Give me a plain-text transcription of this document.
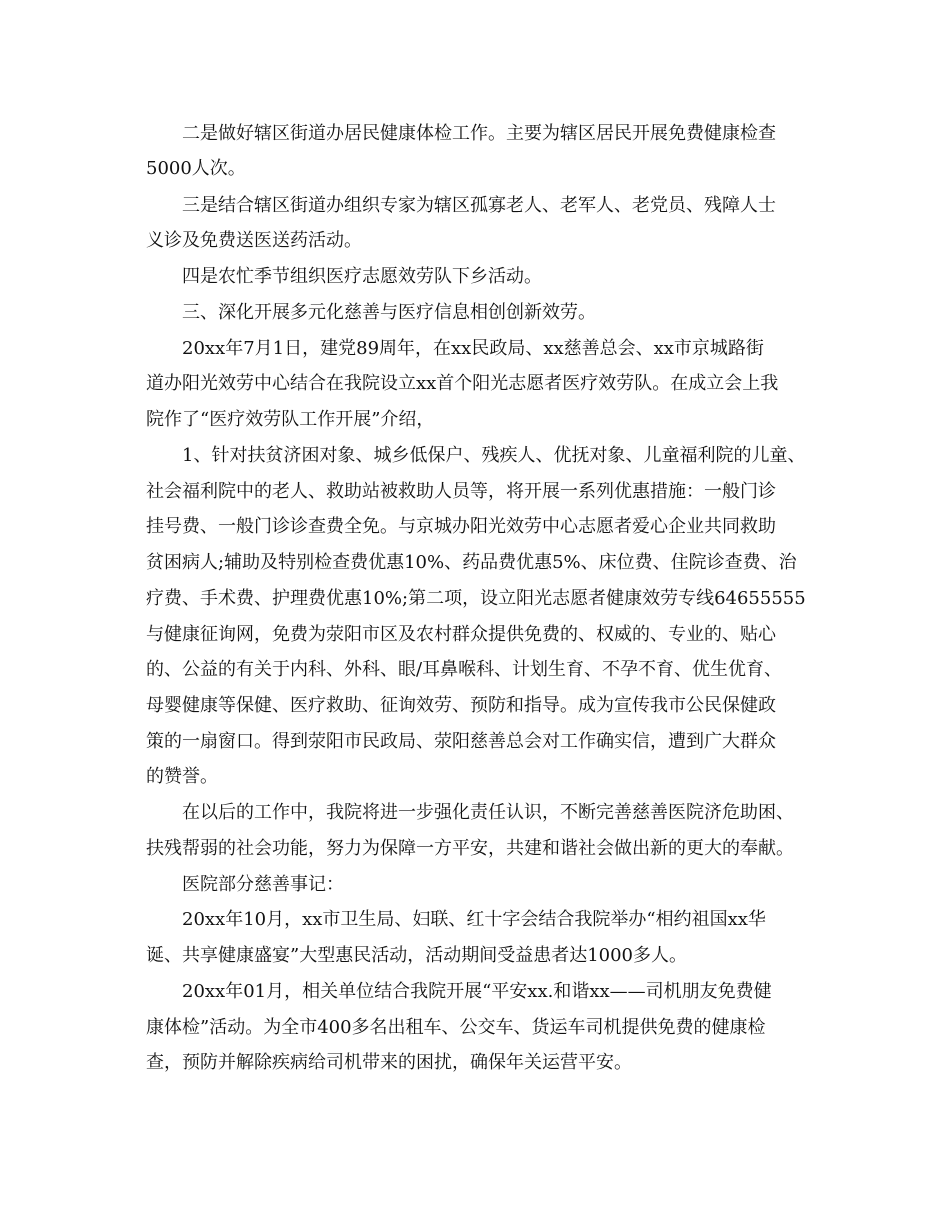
二是做好辖区街道办居民健康体检工作。主要为辖区居民开展免费健康检查
5000人次。
三是结合辖区街道办组织专家为辖区孤寡老人、老军人、老党员、残障人士
义诊及免费送医送药活动。
四是农忙季节组织医疗志愿效劳队下乡活动。
三、深化开展多元化慈善与医疗信息相创创新效劳。
20xx年7月1日，建党89周年，在xx民政局、xx慈善总会、xx市京城路街
道办阳光效劳中心结合在我院设立xx首个阳光志愿者医疗效劳队。在成立会上我
院作了“医疗效劳队工作开展”介绍，
1、针对扶贫济困对象、城乡低保户、残疾人、优抚对象、儿童福利院的儿童、
社会福利院中的老人、救助站被救助人员等，将开展一系列优惠措施：一般门诊
挂号费、一般门诊诊查费全免。与京城办阳光效劳中心志愿者爱心企业共同救助
贫困病人;辅助及特别检查费优惠10%、药品费优惠5%、床位费、住院诊查费、治
疗费、手术费、护理费优惠10%;第二项，设立阳光志愿者健康效劳专线64655555
与健康征询网，免费为荥阳市区及农村群众提供免费的、权威的、专业的、贴心
的、公益的有关于内科、外科、眼/耳鼻喉科、计划生育、不孕不育、优生优育、
母婴健康等保健、医疗救助、征询效劳、预防和指导。成为宣传我市公民保健政
策的一扇窗口。得到荥阳市民政局、荥阳慈善总会对工作确实信，遭到广大群众
的赞誉。
在以后的工作中，我院将进一步强化责任认识，不断完善慈善医院济危助困、
扶残帮弱的社会功能，努力为保障一方平安，共建和谐社会做出新的更大的奉献。
医院部分慈善事记：
20xx年10月，xx市卫生局、妇联、红十字会结合我院举办“相约祖国xx华
诞、共享健康盛宴”大型惠民活动，活动期间受益患者达1000多人。
20xx年01月，相关单位结合我院开展“平安xx.和谐xx——司机朋友免费健
康体检”活动。为全市400多名出租车、公交车、货运车司机提供免费的健康检
查，预防并解除疾病给司机带来的困扰，确保年关运营平安。
